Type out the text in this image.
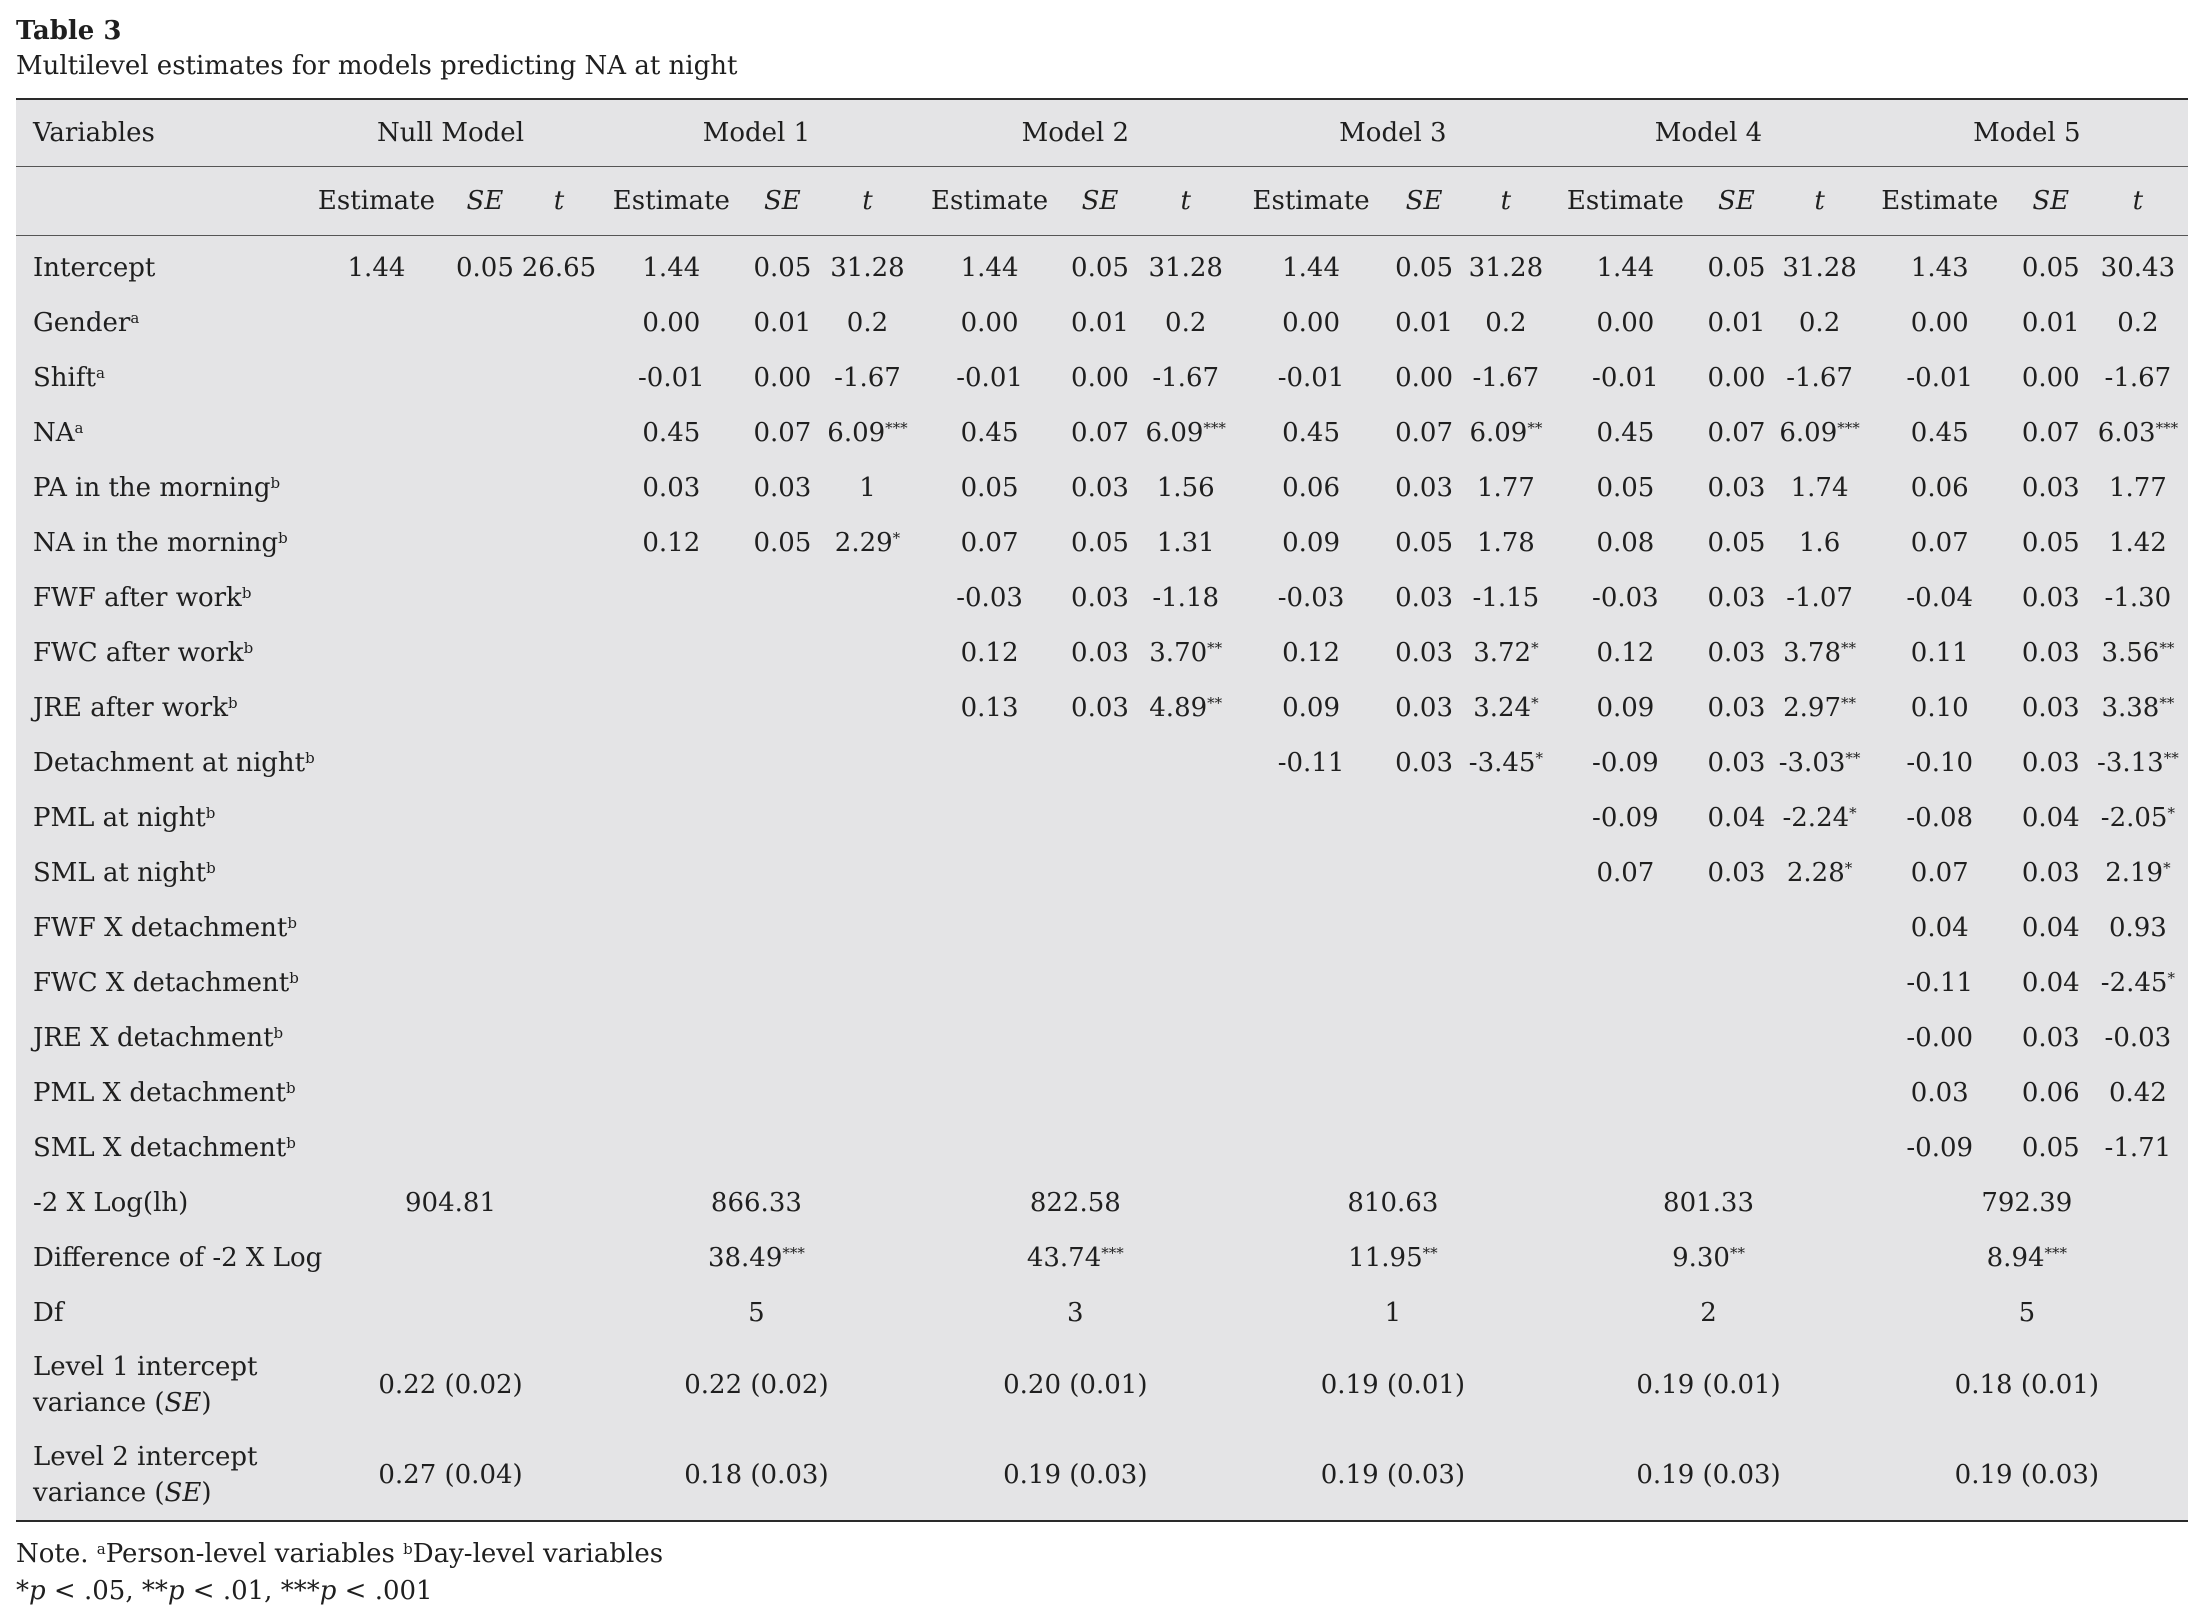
Table 3
Multilevel estimates for models predicting NA at night
Variables	Null Model			Model 1			Model 2			Model 3			Model 4			Model 5		
	Estimate	SE	t	Estimate	SE	t	Estimate	SE	t	Estimate	SE	t	Estimate	SE	t	Estimate	SE	t
Intercept	1.44	0.05	26.65	1.44	0.05	31.28	1.44	0.05	31.28	1.44	0.05	31.28	1.44	0.05	31.28	1.43	0.05	30.43
Gender$^a$				0.00	0.01	0.2	0.00	0.01	0.2	0.00	0.01	0.2	0.00	0.01	0.2	0.00	0.01	0.2
Shift$^a$				-0.01	0.00	-1.67	-0.01	0.00	-1.67	-0.01	0.00	-1.67	-0.01	0.00	-1.67	-0.01	0.00	-1.67
$NA^a$				0.45	0.07	6.09***	0.45	0.07	6.09***	0.45	0.07	6.09**	0.45	0.07	6.09***	0.45	0.07	6.03***
PA in the morning$^b$				0.03	0.03	1	0.05	0.03	1.56	0.06	0.03	1.77	0.05	0.03	1.74	0.06	0.03	1.77
NA in the morning$^b$				0.12	0.05	2.29*	0.07	0.05	1.31	0.09	0.05	1.78	0.08	0.05	1.6	0.07	0.05	1.42
FWF after work$^b$							-0.03	0.03	-1.18	-0.03	0.03	-1.15	-0.03	0.03	-1.07	-0.04	0.03	-1.30
FWC after work$^b$							0.12	0.03	3.70**	0.12	0.03	3.72*	0.12	0.03	3.78**	0.11	0.03	3.56**
JRE after work$^b$							0.13	0.03	4.89**	0.09	0.03	3.24*	0.09	0.03	2.97**	0.10	0.03	3.38**
Detachment at night$^b$										-0.11	0.03	-3.45*	-0.09	0.03	-3.03**	-0.10	0.03	-3.13**
PML at night$^b$													-0.09	0.04	-2.24*	-0.08	0.04	-2.05*
SML at night$^b$													0.07	0.03	2.28*	0.07	0.03	2.19*
FWF X detachment$^b$																0.04	0.04	0.93
FWC X detachment$^b$																-0.11	0.04	-2.45*
JRE X detachment$^b$																-0.00	0.03	-0.03
PML X detachment$^b$																0.03	0.06	0.42
SML X detachment$^b$																-0.09	0.05	-1.71
-2 X Log(lh)	904.81			866.33			822.58			810.63			801.33			792.39		
Difference of -2 X Log				38.49***			43.74***			11.95**			9.30**			8.94***
Df				5			3			1			2			5		
Level 1 intercept
variance (SE)	0.22 (0.02)			0.22 (0.02)			0.20 (0.01)			0.19 (0.01)			0.19 (0.01)			0.18 (0.01)		
Level 2 intercept
variance (SE)	0.27 (0.04)			0.18 (0.03)			0.19 (0.03)			0.19 (0.03)			0.19 (0.03)			0.19 (0.03)		
Note. $^a$Person-level variables $^b$Day-level variables
*p < .05, **p < .01, ***p < .001
